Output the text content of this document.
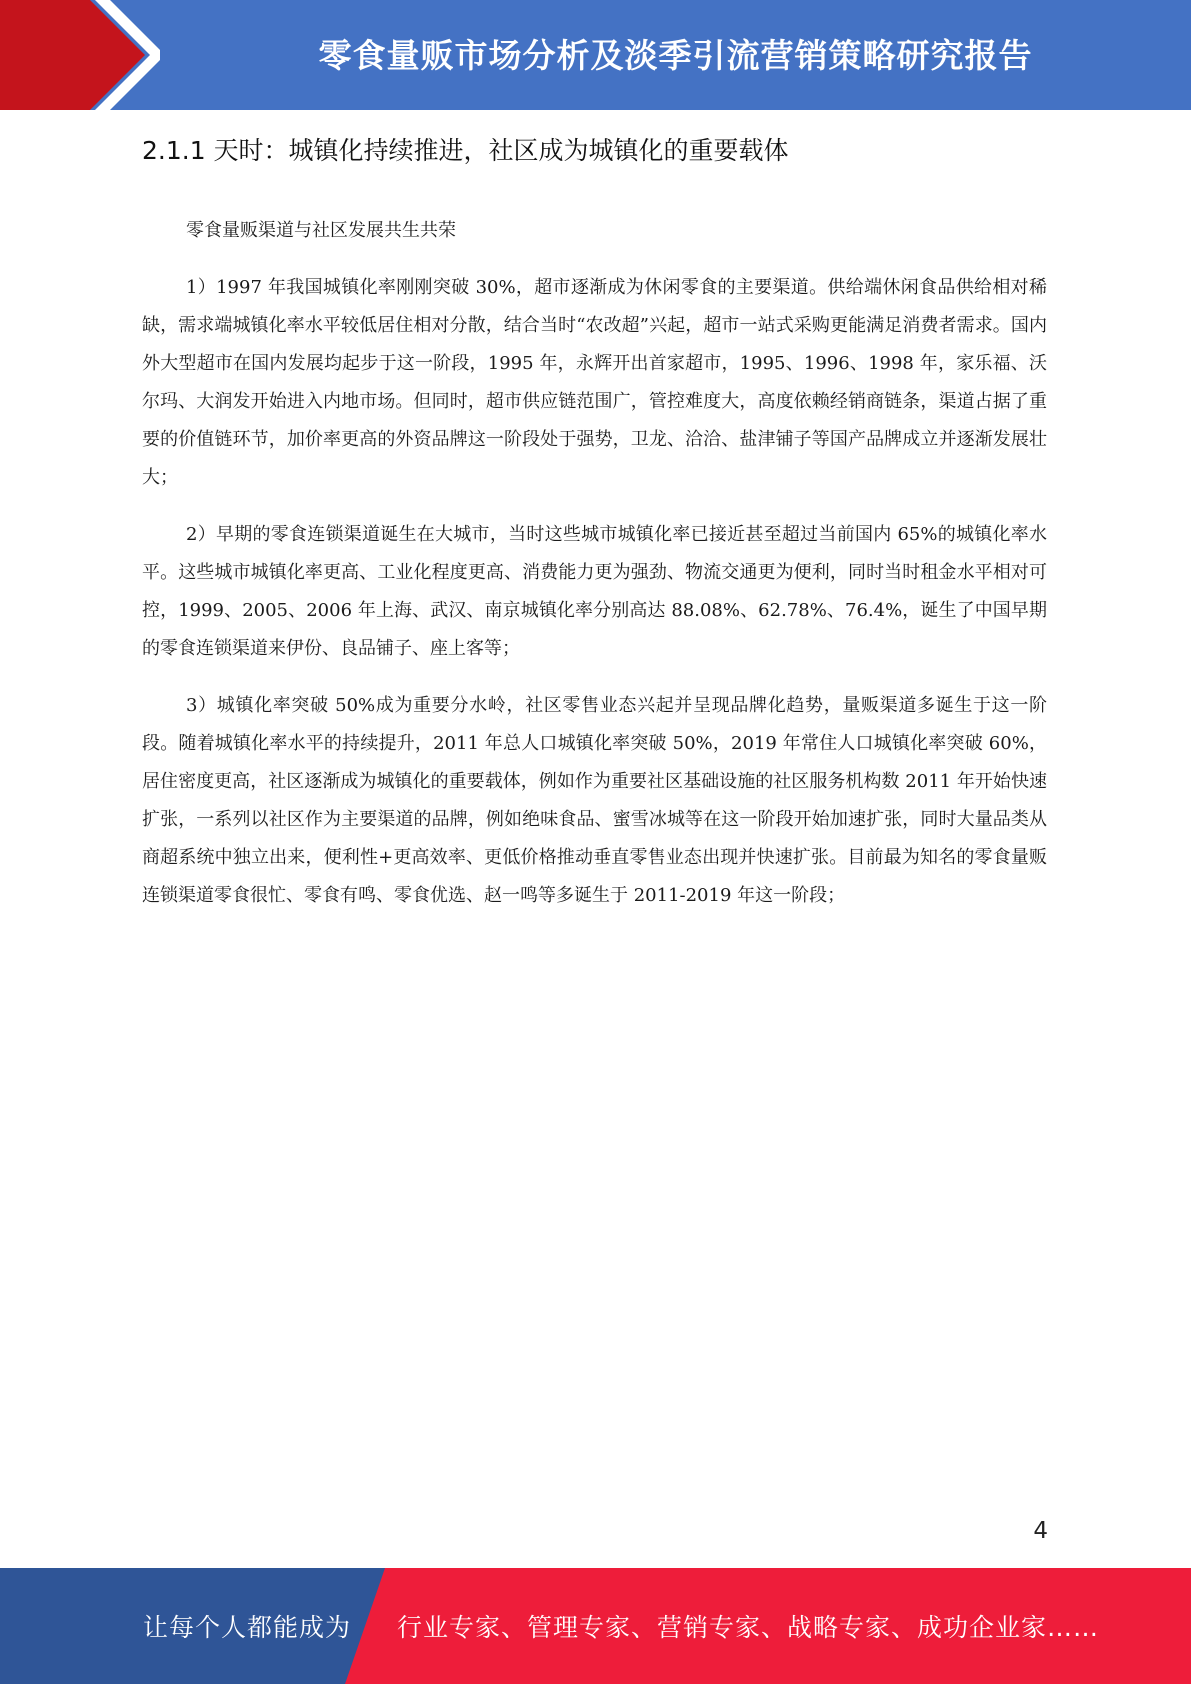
零食量贩市场分析及淡季引流营销策略研究报告
2.1.1 天时：城镇化持续推进，社区成为城镇化的重要载体

零食量贩渠道与社区发展共生共荣

1）1997 年我国城镇化率刚刚突破 30%，超市逐渐成为休闲零食的主要渠道。供给端休闲食品供给相对稀缺，需求端城镇化率水平较低居住相对分散，结合当时“农改超”兴起，超市一站式采购更能满足消费者需求。国内外大型超市在国内发展均起步于这一阶段，1995 年，永辉开出首家超市，1995、1996、1998 年，家乐福、沃尔玛、大润发开始进入内地市场。但同时，超市供应链范围广，管控难度大，高度依赖经销商链条，渠道占据了重要的价值链环节，加价率更高的外资品牌这一阶段处于强势，卫龙、洽洽、盐津铺子等国产品牌成立并逐渐发展壮大；

2）早期的零食连锁渠道诞生在大城市，当时这些城市城镇化率已接近甚至超过当前国内 65%的城镇化率水平。这些城市城镇化率更高、工业化程度更高、消费能力更为强劲、物流交通更为便利，同时当时租金水平相对可控，1999、2005、2006 年上海、武汉、南京城镇化率分别高达 88.08%、62.78%、76.4%，诞生了中国早期的零食连锁渠道来伊份、良品铺子、座上客等；

3）城镇化率突破 50%成为重要分水岭，社区零售业态兴起并呈现品牌化趋势，量贩渠道多诞生于这一阶段。随着城镇化率水平的持续提升，2011 年总人口城镇化率突破 50%，2019 年常住人口城镇化率突破 60%，居住密度更高，社区逐渐成为城镇化的重要载体，例如作为重要社区基础设施的社区服务机构数 2011 年开始快速扩张，一系列以社区作为主要渠道的品牌，例如绝味食品、蜜雪冰城等在这一阶段开始加速扩张，同时大量品类从商超系统中独立出来，便利性+更高效率、更低价格推动垂直零售业态出现并快速扩张。目前最为知名的零食量贩连锁渠道零食很忙、零食有鸣、零食优选、赵一鸣等多诞生于 2011-2019 年这一阶段；

4
让每个人都能成为 行业专家、管理专家、营销专家、战略专家、成功企业家……
